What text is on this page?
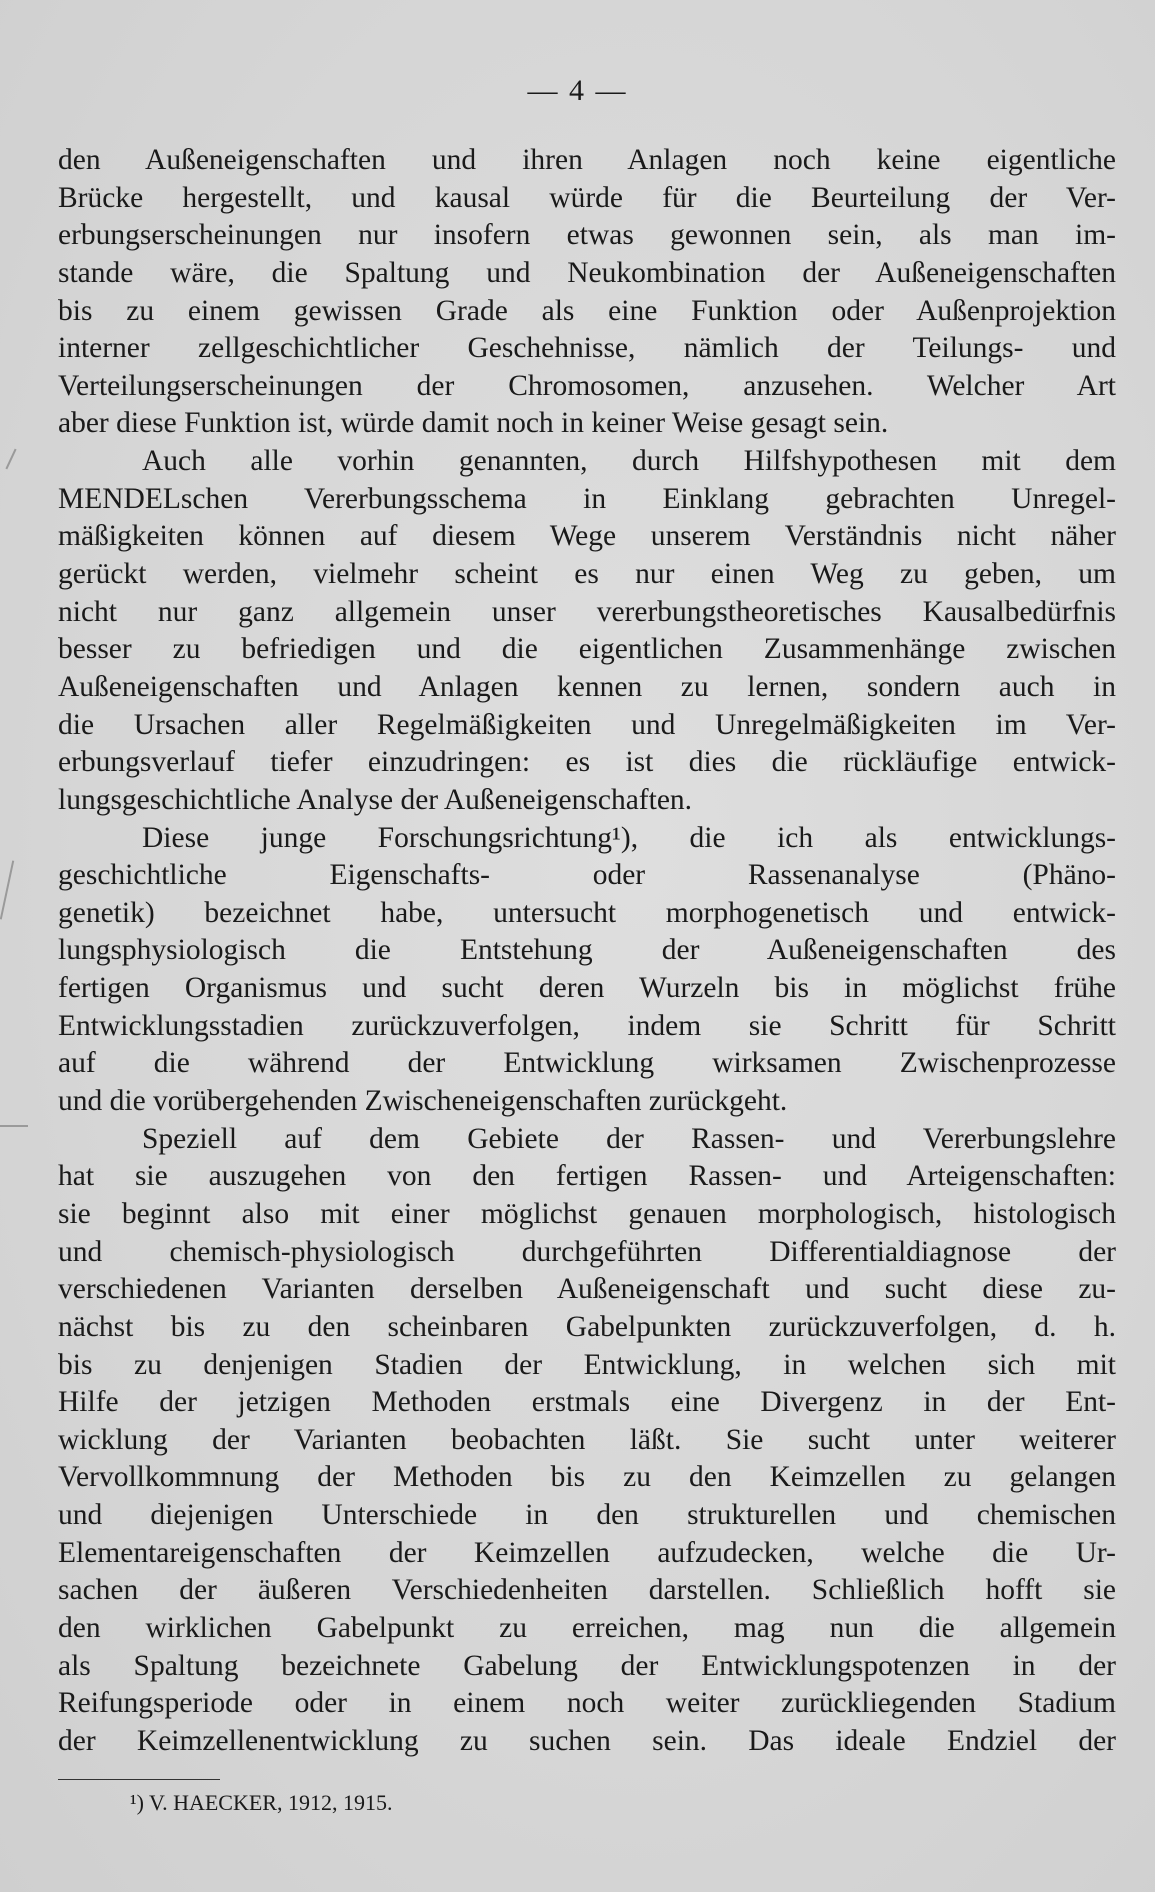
— 4 —
den Außeneigenschaften und ihren Anlagen noch keine eigentliche
Brücke hergestellt, und kausal würde für die Beurteilung der Ver-
erbungserscheinungen nur insofern etwas gewonnen sein, als man im-
stande wäre, die Spaltung und Neukombination der Außeneigenschaften
bis zu einem gewissen Grade als eine Funktion oder Außenprojektion
interner zellgeschichtlicher Geschehnisse, nämlich der Teilungs- und
Verteilungserscheinungen der Chromosomen, anzusehen. Welcher Art
aber diese Funktion ist, würde damit noch in keiner Weise gesagt sein.
Auch alle vorhin genannten, durch Hilfshypothesen mit dem
MENDELschen Vererbungsschema in Einklang gebrachten Unregel-
mäßigkeiten können auf diesem Wege unserem Verständnis nicht näher
gerückt werden, vielmehr scheint es nur einen Weg zu geben, um
nicht nur ganz allgemein unser vererbungstheoretisches Kausalbedürfnis
besser zu befriedigen und die eigentlichen Zusammenhänge zwischen
Außeneigenschaften und Anlagen kennen zu lernen, sondern auch in
die Ursachen aller Regelmäßigkeiten und Unregelmäßigkeiten im Ver-
erbungsverlauf tiefer einzudringen: es ist dies die rückläufige entwick-
lungsgeschichtliche Analyse der Außeneigenschaften.
Diese junge Forschungsrichtung¹), die ich als entwicklungs-
geschichtliche Eigenschafts- oder Rassenanalyse (Phäno-
genetik) bezeichnet habe, untersucht morphogenetisch und entwick-
lungsphysiologisch die Entstehung der Außeneigenschaften des
fertigen Organismus und sucht deren Wurzeln bis in möglichst frühe
Entwicklungsstadien zurückzuverfolgen, indem sie Schritt für Schritt
auf die während der Entwicklung wirksamen Zwischenprozesse
und die vorübergehenden Zwischeneigenschaften zurückgeht.
Speziell auf dem Gebiete der Rassen- und Vererbungslehre
hat sie auszugehen von den fertigen Rassen- und Arteigenschaften:
sie beginnt also mit einer möglichst genauen morphologisch, histologisch
und chemisch-physiologisch durchgeführten Differentialdiagnose der
verschiedenen Varianten derselben Außeneigenschaft und sucht diese zu-
nächst bis zu den scheinbaren Gabelpunkten zurückzuverfolgen, d. h.
bis zu denjenigen Stadien der Entwicklung, in welchen sich mit
Hilfe der jetzigen Methoden erstmals eine Divergenz in der Ent-
wicklung der Varianten beobachten läßt. Sie sucht unter weiterer
Vervollkommnung der Methoden bis zu den Keimzellen zu gelangen
und diejenigen Unterschiede in den strukturellen und chemischen
Elementareigenschaften der Keimzellen aufzudecken, welche die Ur-
sachen der äußeren Verschiedenheiten darstellen. Schließlich hofft sie
den wirklichen Gabelpunkt zu erreichen, mag nun die allgemein
als Spaltung bezeichnete Gabelung der Entwicklungspotenzen in der
Reifungsperiode oder in einem noch weiter zurückliegenden Stadium
der Keimzellenentwicklung zu suchen sein. Das ideale Endziel der
¹) V. HAECKER, 1912, 1915.
